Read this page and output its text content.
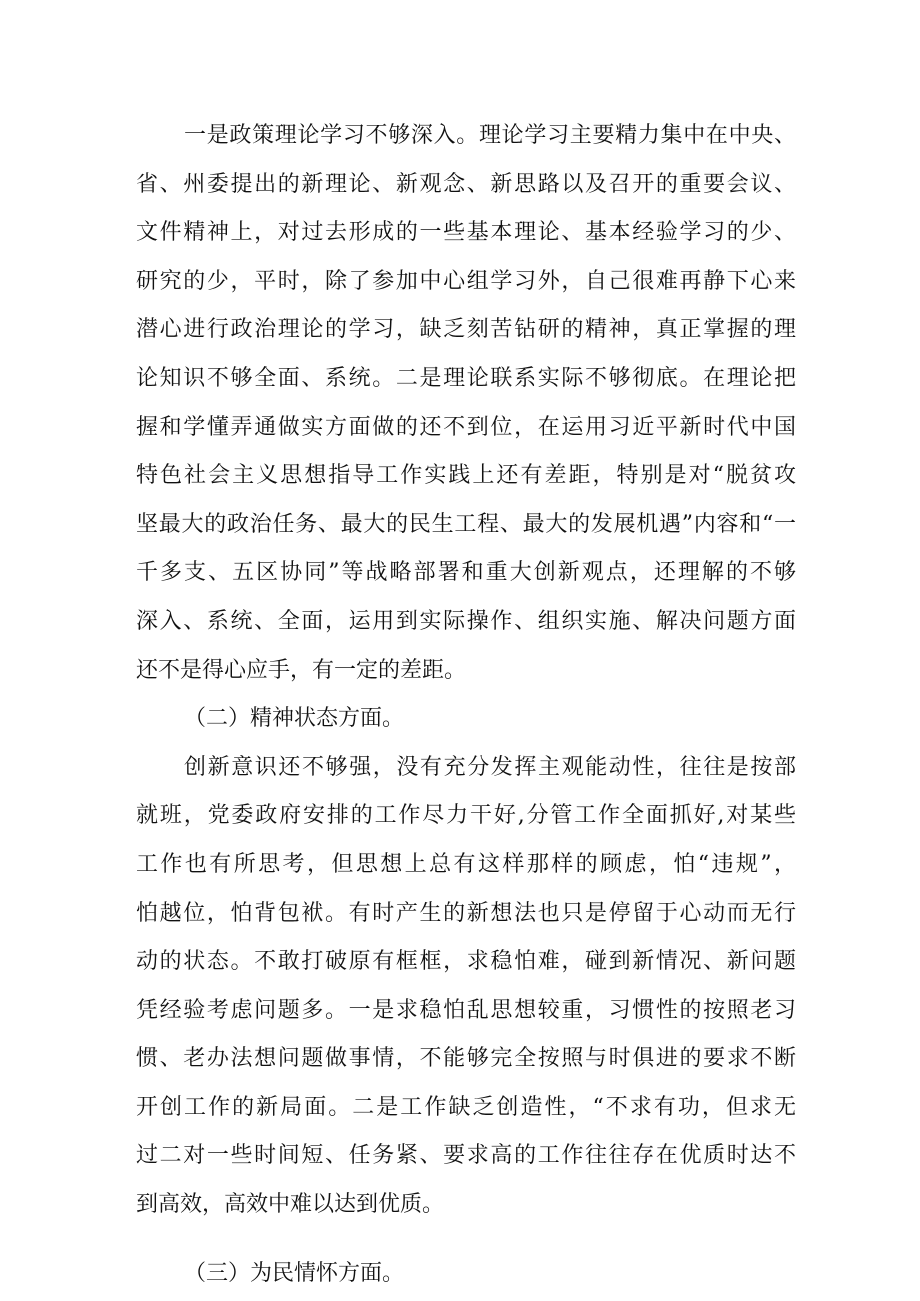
一是政策理论学习不够深入。理论学习主要精力集中在中央、
省、州委提出的新理论、新观念、新思路以及召开的重要会议、
文件精神上，对过去形成的一些基本理论、基本经验学习的少、
研究的少，平时，除了参加中心组学习外，自己很难再静下心来
潜心进行政治理论的学习，缺乏刻苦钻研的精神，真正掌握的理
论知识不够全面、系统。二是理论联系实际不够彻底。在理论把
握和学懂弄通做实方面做的还不到位，在运用习近平新时代中国
特色社会主义思想指导工作实践上还有差距，特别是对“脱贫攻
坚最大的政治任务、最大的民生工程、最大的发展机遇”内容和“一
千多支、五区协同”等战略部署和重大创新观点，还理解的不够
深入、系统、全面，运用到实际操作、组织实施、解决问题方面
还不是得心应手，有一定的差距。
（二）精神状态方面。
创新意识还不够强，没有充分发挥主观能动性，往往是按部
就班，党委政府安排的工作尽力干好,分管工作全面抓好,对某些
工作也有所思考，但思想上总有这样那样的顾虑，怕“违规”，
怕越位，怕背包袱。有时产生的新想法也只是停留于心动而无行
动的状态。不敢打破原有框框，求稳怕难，碰到新情况、新问题
凭经验考虑问题多。一是求稳怕乱思想较重，习惯性的按照老习
惯、老办法想问题做事情，不能够完全按照与时俱进的要求不断
开创工作的新局面。二是工作缺乏创造性，“不求有功，但求无
过二对一些时间短、任务紧、要求高的工作往往存在优质时达不
到高效，高效中难以达到优质。
（三）为民情怀方面。
